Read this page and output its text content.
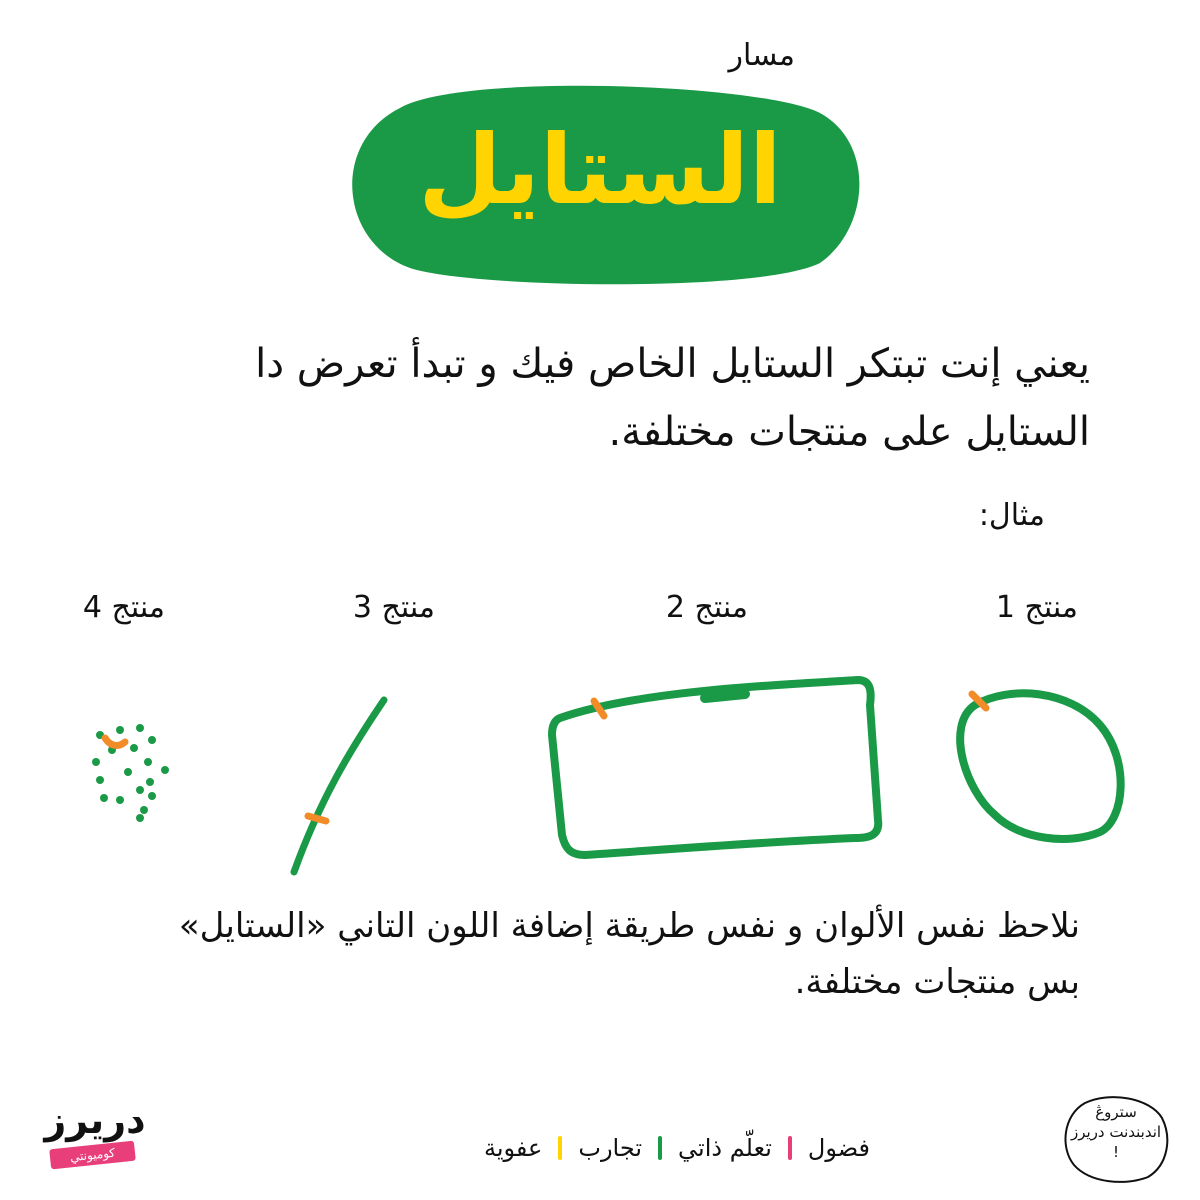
مسار
الستايل
يعني إنت تبتكر الستايل الخاص فيك و تبدأ تعرض دا الستايل على منتجات مختلفة.
مثال:
منتج 1
منتج 2
منتج 3
منتج 4
نلاحظ نفس الألوان و نفس طريقة إضافة اللون التاني «الستايل» بس منتجات مختلفة.
دريرز
كوميونتي	فضول
تعلّم ذاتي
تجارب
عفوية
ستروڠ اندبندنت دريرز !
